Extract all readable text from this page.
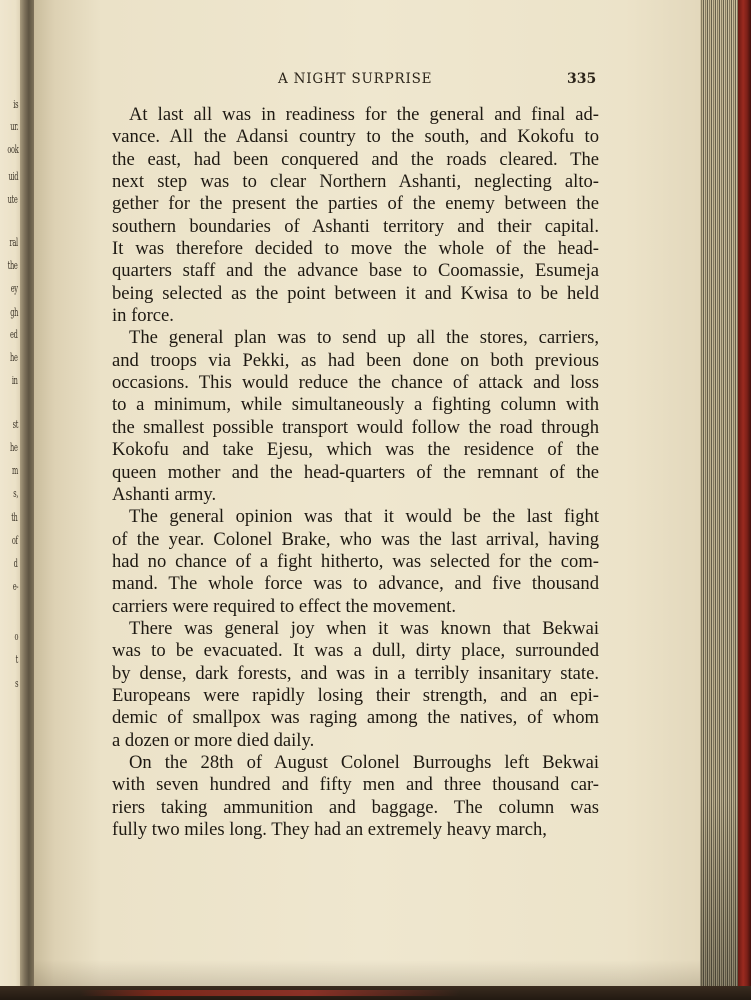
is
ur.
ook
uid
ute
ral
the
ey
gh
ed
he
in
st
he
m
s,
th
of
d
e-
o
t
s
A NIGHT SURPRISE	335
At last all was in readiness for the general and final ad-
vance. All the Adansi country to the south, and Kokofu to
the east, had been conquered and the roads cleared. The
next step was to clear Northern Ashanti, neglecting alto-
gether for the present the parties of the enemy between the
southern boundaries of Ashanti territory and their capital.
It was therefore decided to move the whole of the head-
quarters staff and the advance base to Coomassie, Esumeja
being selected as the point between it and Kwisa to be held
in force.
The general plan was to send up all the stores, carriers,
and troops via Pekki, as had been done on both previous
occasions. This would reduce the chance of attack and loss
to a minimum, while simultaneously a fighting column with
the smallest possible transport would follow the road through
Kokofu and take Ejesu, which was the residence of the
queen mother and the head-quarters of the remnant of the
Ashanti army.
The general opinion was that it would be the last fight
of the year. Colonel Brake, who was the last arrival, having
had no chance of a fight hitherto, was selected for the com-
mand. The whole force was to advance, and five thousand
carriers were required to effect the movement.
There was general joy when it was known that Bekwai
was to be evacuated. It was a dull, dirty place, surrounded
by dense, dark forests, and was in a terribly insanitary state.
Europeans were rapidly losing their strength, and an epi-
demic of smallpox was raging among the natives, of whom
a dozen or more died daily.
On the 28th of August Colonel Burroughs left Bekwai
with seven hundred and fifty men and three thousand car-
riers taking ammunition and baggage. The column was
fully two miles long. They had an extremely heavy march,
